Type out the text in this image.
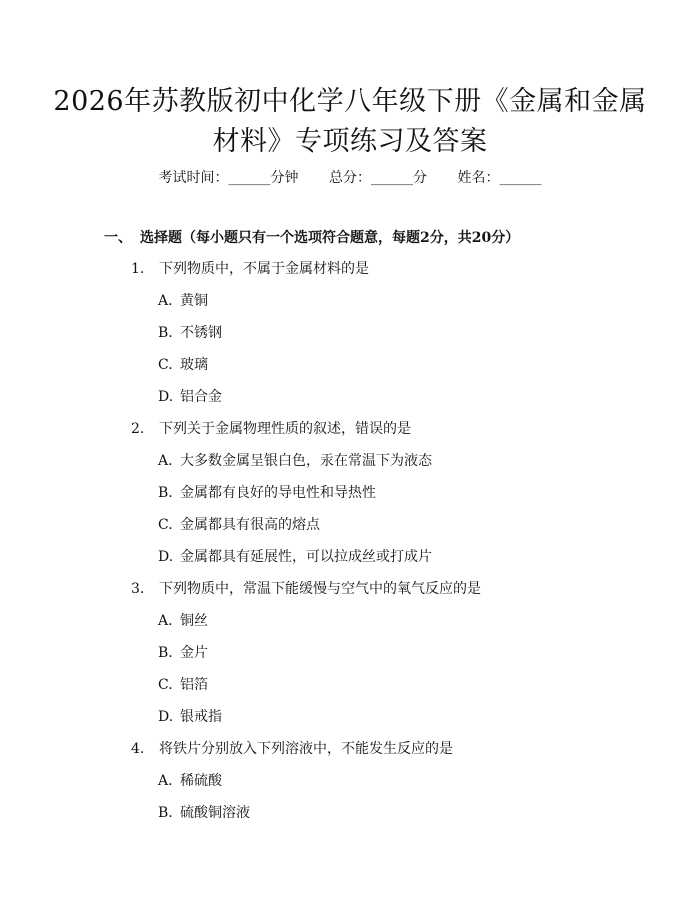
2026年苏教版初中化学八年级下册《金属和金属材料》专项练习及答案
考试时间：______分钟 总分：______分 姓名：______
一、 选择题（每小题只有一个选项符合题意，每题2分，共20分）
1. 下列物质中，不属于金属材料的是
A. 黄铜
B. 不锈钢
C. 玻璃
D. 铝合金
2. 下列关于金属物理性质的叙述，错误的是
A. 大多数金属呈银白色，汞在常温下为液态
B. 金属都有良好的导电性和导热性
C. 金属都具有很高的熔点
D. 金属都具有延展性，可以拉成丝或打成片
3. 下列物质中，常温下能缓慢与空气中的氧气反应的是
A. 铜丝
B. 金片
C. 铝箔
D. 银戒指
4. 将铁片分别放入下列溶液中，不能发生反应的是
A. 稀硫酸
B. 硫酸铜溶液
